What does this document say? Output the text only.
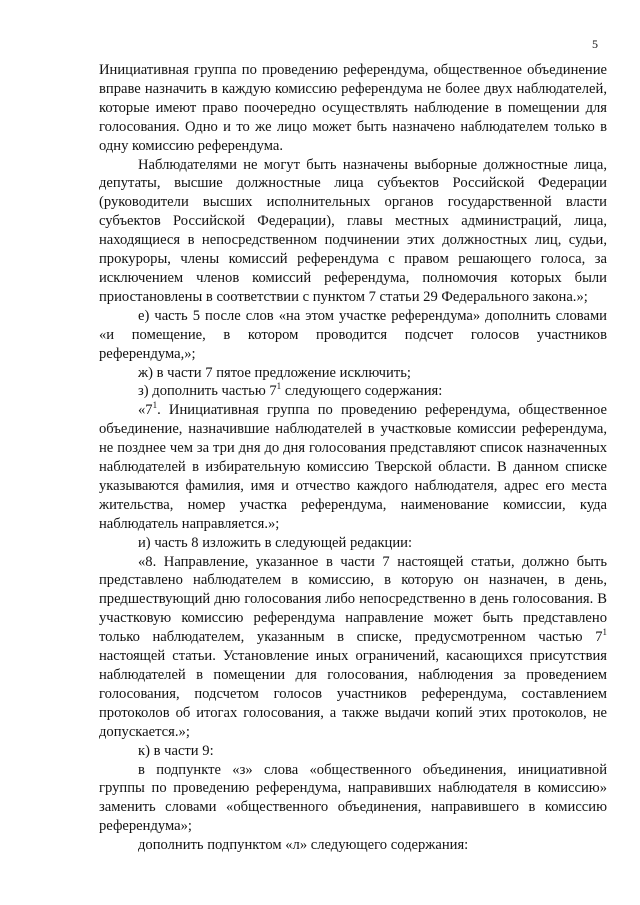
5

Инициативная группа по проведению референдума, общественное объединение вправе назначить в каждую комиссию референдума не более двух наблюдателей, которые имеют право поочередно осуществлять наблюдение в помещении для голосования. Одно и то же лицо может быть назначено наблюдателем только в одну комиссию референдума.

Наблюдателями не могут быть назначены выборные должностные лица, депутаты, высшие должностные лица субъектов Российской Федерации (руководители высших исполнительных органов государственной власти субъектов Российской Федерации), главы местных администраций, лица, находящиеся в непосредственном подчинении этих должностных лиц, судьи, прокуроры, члены комиссий референдума с правом решающего голоса, за исключением членов комиссий референдума, полномочия которых были приостановлены в соответствии с пунктом 7 статьи 29 Федерального закона.»;

е) часть 5 после слов «на этом участке референдума» дополнить словами «и помещение, в котором проводится подсчет голосов участников референдума,»;

ж) в части 7 пятое предложение исключить;

з) дополнить частью $7^1$ следующего содержания:

«$7^1$. Инициативная группа по проведению референдума, общественное объединение, назначившие наблюдателей в участковые комиссии референдума, не позднее чем за три дня до дня голосования представляют список назначенных наблюдателей в избирательную комиссию Тверской области. В данном списке указываются фамилия, имя и отчество каждого наблюдателя, адрес его места жительства, номер участка референдума, наименование комиссии, куда наблюдатель направляется.»;

и) часть 8 изложить в следующей редакции:

«8. Направление, указанное в части 7 настоящей статьи, должно быть представлено наблюдателем в комиссию, в которую он назначен, в день, предшествующий дню голосования либо непосредственно в день голосования. В участковую комиссию референдума направление может быть представлено только наблюдателем, указанным в списке, предусмотренном частью $7^1$ настоящей статьи. Установление иных ограничений, касающихся присутствия наблюдателей в помещении для голосования, наблюдения за проведением голосования, подсчетом голосов участников референдума, составлением протоколов об итогах голосования, а также выдачи копий этих протоколов, не допускается.»;

к) в части 9:

в подпункте «з» слова «общественного объединения, инициативной группы по проведению референдума, направивших наблюдателя в комиссию» заменить словами «общественного объединения, направившего в комиссию референдума»;

дополнить подпунктом «л» следующего содержания:
